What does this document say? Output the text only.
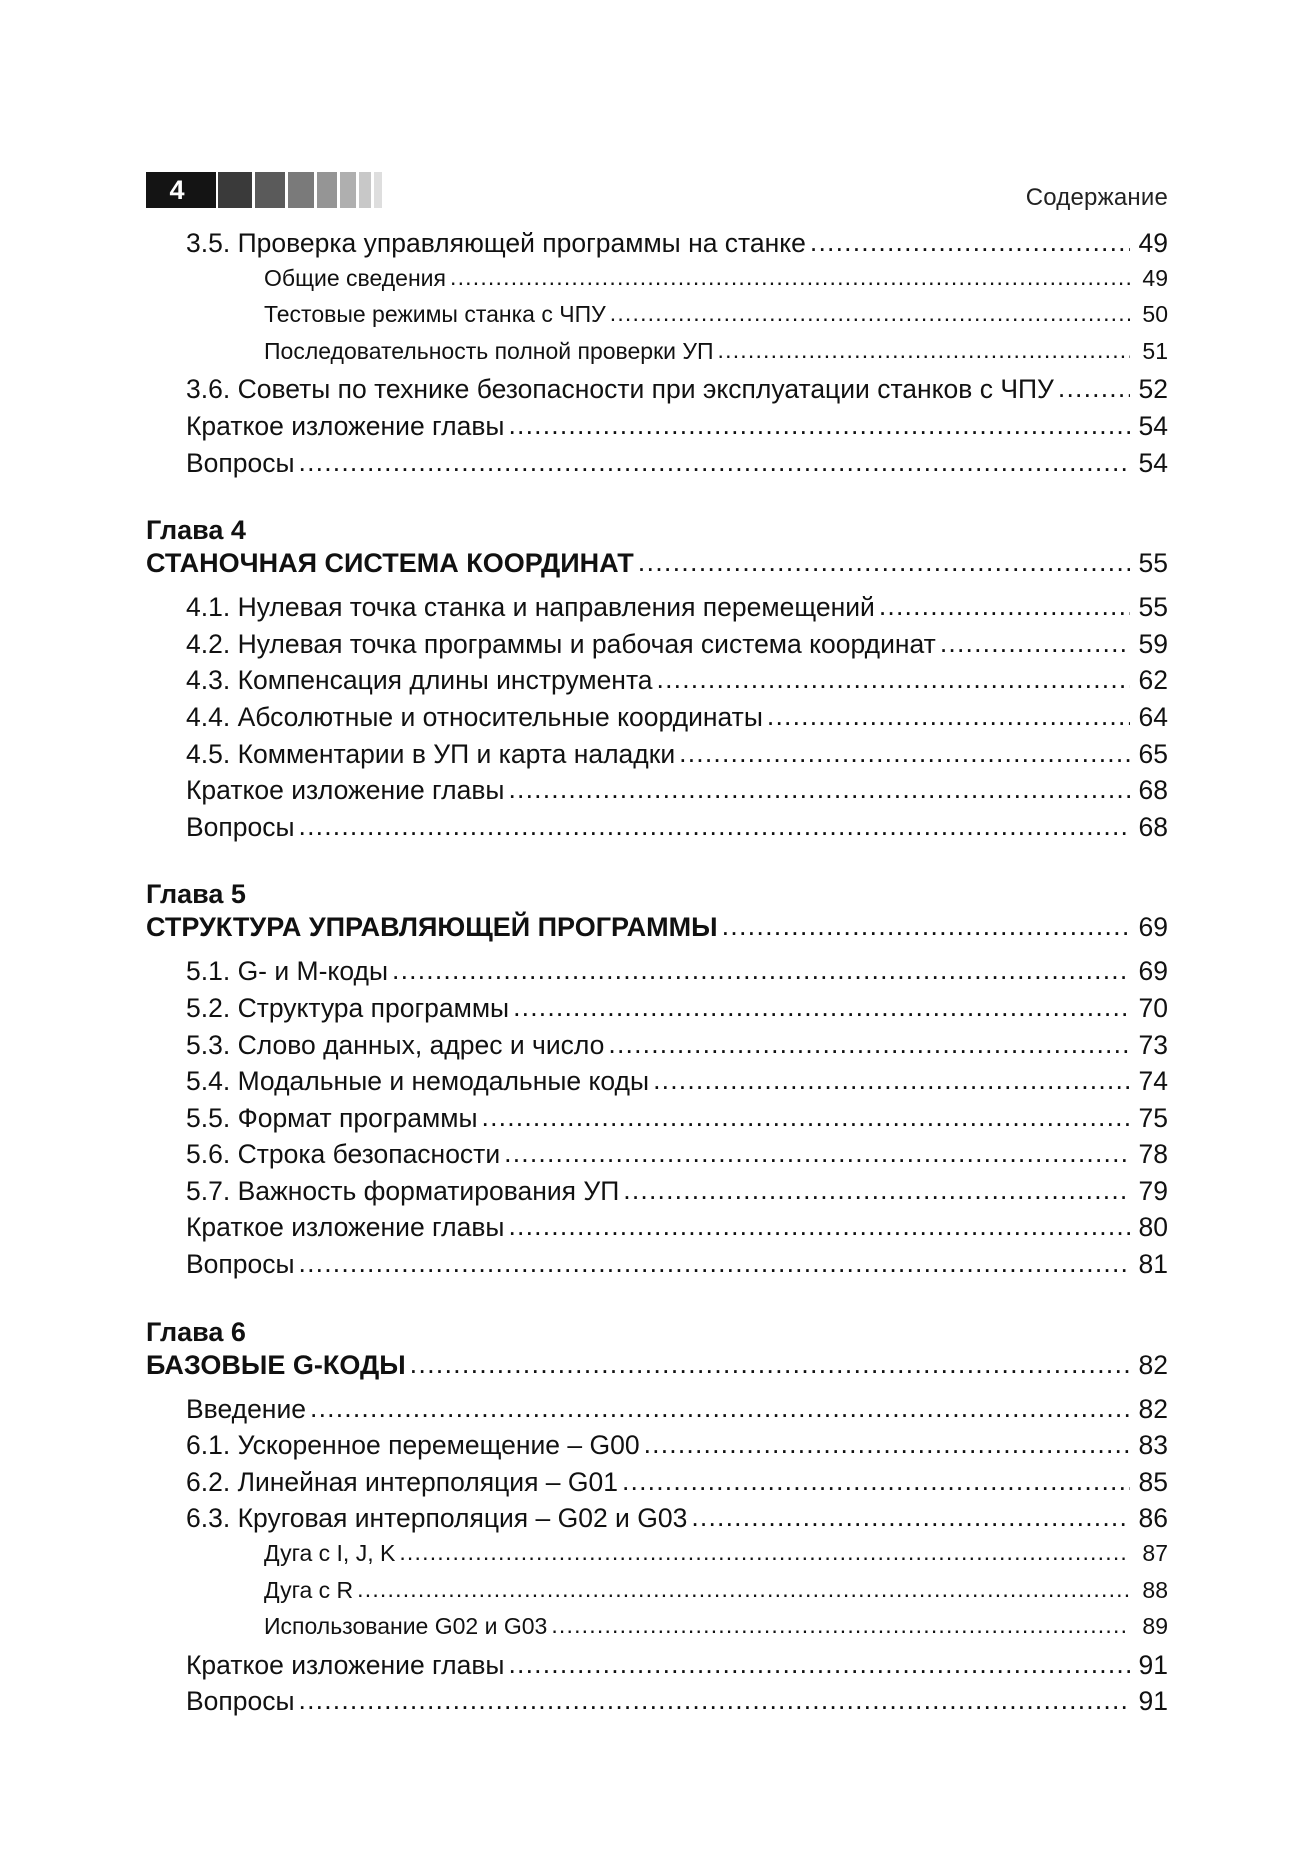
4	Содержание
3.5. Проверка управляющей программы на станке .....	49
Общие сведения .....	49
Тестовые режимы станка с ЧПУ .....	50
Последовательность полной проверки УП .....	51
3.6. Советы по технике безопасности при эксплуатации станков с ЧПУ .....	52
Краткое изложение главы .....	54
Вопросы .....	54
Глава 4
СТАНОЧНАЯ СИСТЕМА КООРДИНАТ .....	55
4.1. Нулевая точка станка и направления перемещений .....	55
4.2. Нулевая точка программы и рабочая система координат .....	59
4.3. Компенсация длины инструмента .....	62
4.4. Абсолютные и относительные координаты .....	64
4.5. Комментарии в УП и карта наладки .....	65
Краткое изложение главы .....	68
Вопросы .....	68
Глава 5
СТРУКТУРА УПРАВЛЯЮЩЕЙ ПРОГРАММЫ .....	69
5.1. G- и M-коды .....	69
5.2. Структура программы .....	70
5.3. Слово данных, адрес и число .....	73
5.4. Модальные и немодальные коды .....	74
5.5. Формат программы .....	75
5.6. Строка безопасности .....	78
5.7. Важность форматирования УП .....	79
Краткое изложение главы .....	80
Вопросы .....	81
Глава 6
БАЗОВЫЕ G-КОДЫ .....	82
Введение .....	82
6.1. Ускоренное перемещение – G00 .....	83
6.2. Линейная интерполяция – G01 .....	85
6.3. Круговая интерполяция – G02 и G03 .....	86
Дуга с I, J, K .....	87
Дуга с R .....	88
Использование G02 и G03 .....	89
Краткое изложение главы .....	91
Вопросы .....	91
